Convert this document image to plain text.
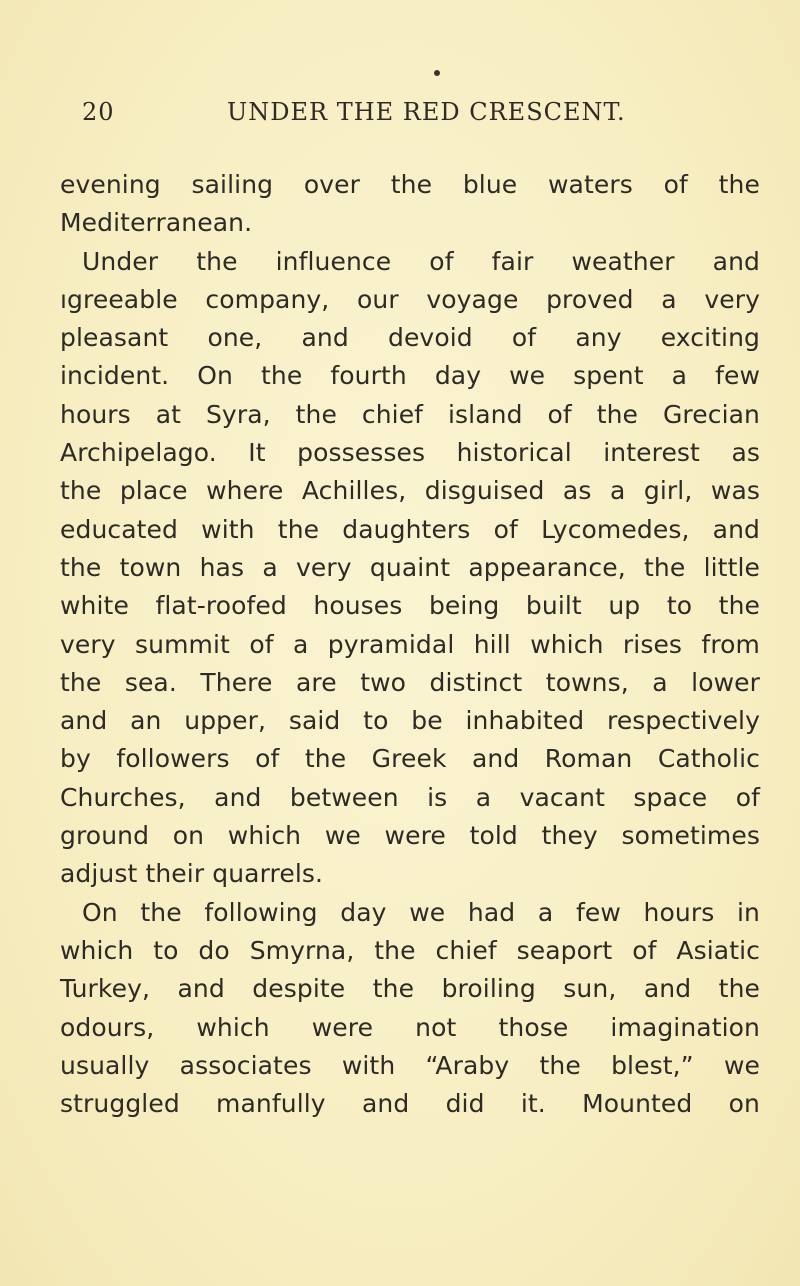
20	UNDER THE RED CRESCENT.
evening sailing over the blue waters of the
Mediterranean.
Under the influence of fair weather and
ıgreeable company, our voyage proved a very
pleasant one, and devoid of any exciting
incident. On the fourth day we spent a few
hours at Syra, the chief island of the Grecian
Archipelago. It possesses historical interest as
the place where Achilles, disguised as a girl, was
educated with the daughters of Lycomedes, and
the town has a very quaint appearance, the little
white flat-roofed houses being built up to the
very summit of a pyramidal hill which rises from
the sea. There are two distinct towns, a lower
and an upper, said to be inhabited respectively
by followers of the Greek and Roman Catholic
Churches, and between is a vacant space of
ground on which we were told they sometimes
adjust their quarrels.
On the following day we had a few hours in
which to do Smyrna, the chief seaport of Asiatic
Turkey, and despite the broiling sun, and the
odours, which were not those imagination
usually associates with “Araby the blest,” we
struggled manfully and did it. Mounted on
